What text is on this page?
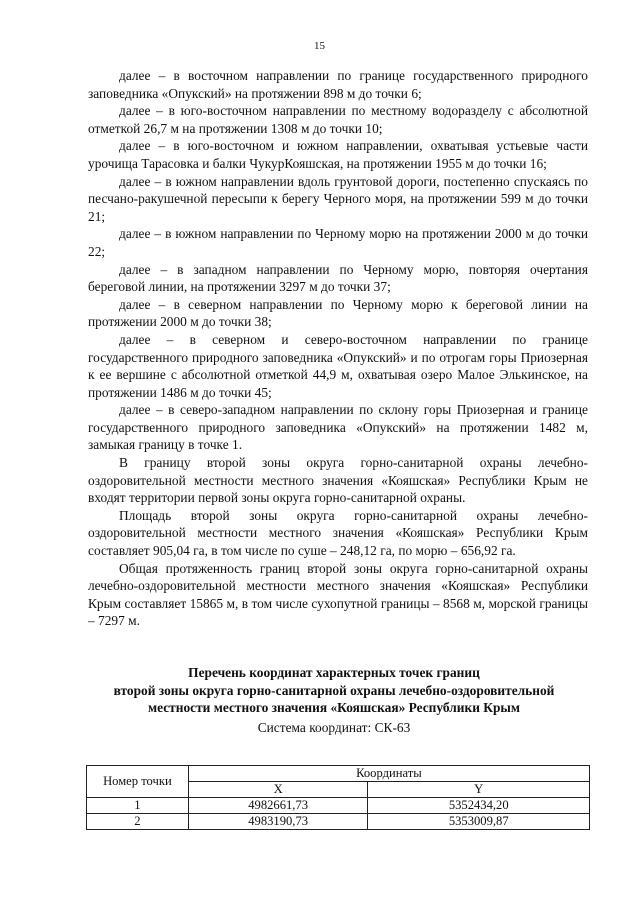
15

далее – в восточном направлении по границе государственного природного заповедника «Опукский» на протяжении 898 м до точки 6;

далее – в юго-восточном направлении по местному водоразделу с абсолютной отметкой 26,7 м на протяжении 1308 м до точки 10;

далее – в юго-восточном и южном направлении, охватывая устьевые части урочища Тарасовка и балки ЧукурКояшская, на протяжении 1955 м до точки 16;

далее – в южном направлении вдоль грунтовой дороги, постепенно спускаясь по песчано-ракушечной пересыпи к берегу Черного моря, на протяжении 599 м до точки 21;

далее – в южном направлении по Черному морю на протяжении 2000 м до точки 22;

далее – в западном направлении по Черному морю, повторяя очертания береговой линии, на протяжении 3297 м до точки 37;

далее – в северном направлении по Черному морю к береговой линии на протяжении 2000 м до точки 38;

далее – в северном и северо-восточном направлении по границе государственного природного заповедника «Опукский» и по отрогам горы Приозерная к ее вершине с абсолютной отметкой 44,9 м, охватывая озеро Малое Элькинское, на протяжении 1486 м до точки 45;

далее – в северо-западном направлении по склону горы Приозерная и границе государственного природного заповедника «Опукский» на протяжении 1482 м, замыкая границу в точке 1.

В границу второй зоны округа горно-санитарной охраны лечебно-оздоровительной местности местного значения «Кояшская» Республики Крым не входят территории первой зоны округа горно-санитарной охраны.

Площадь второй зоны округа горно-санитарной охраны лечебно-оздоровительной местности местного значения «Кояшская» Республики Крым составляет 905,04 га, в том числе по суше – 248,12 га, по морю – 656,92 га.

Общая протяженность границ второй зоны округа горно-санитарной охраны лечебно-оздоровительной местности местного значения «Кояшская» Республики Крым составляет 15865 м, в том числе сухопутной границы – 8568 м, морской границы – 7297 м.

Перечень координат характерных точек границ
второй зоны округа горно-санитарной охраны лечебно-оздоровительной
местности местного значения «Кояшская» Республики Крым
Система координат: СК-63
Номер точки	Координаты	
	X	Y
1	4982661,73	5352434,20
2	4983190,73	5353009,87
